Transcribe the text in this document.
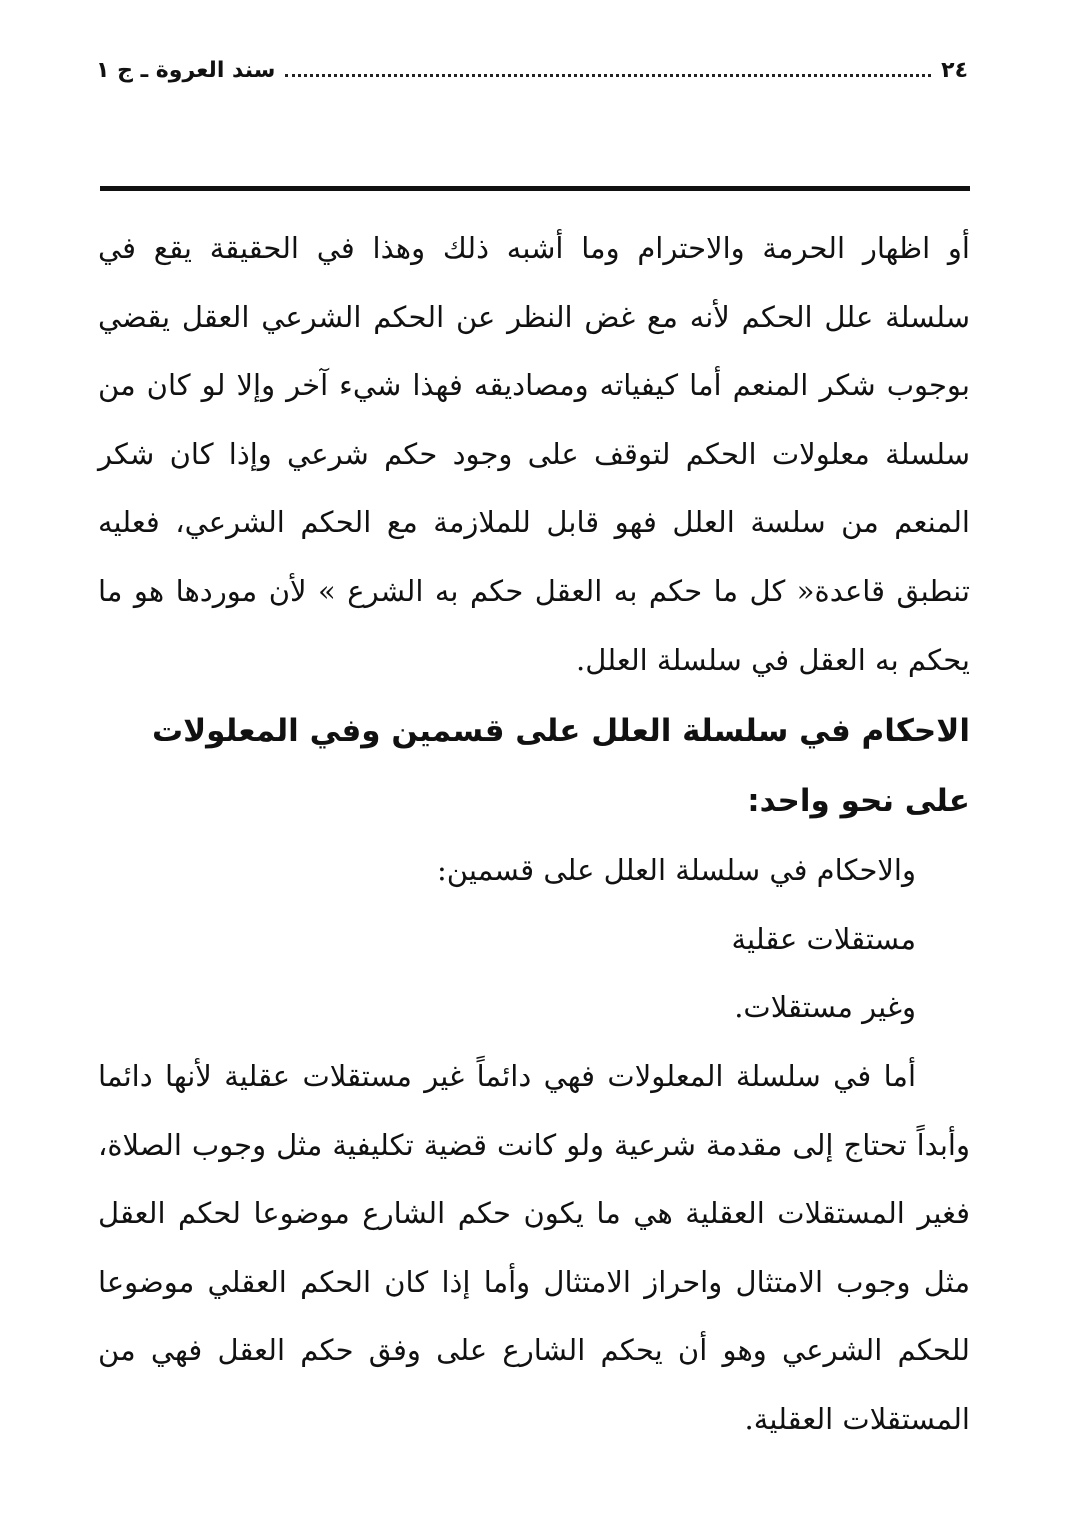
٢٤
سند العروة ـ ج ١

أو اظهار الحرمة والاحترام وما أشبه ذلك وهذا في الحقيقة يقع في سلسلة علل الحكم لأنه مع غض النظر عن الحكم الشرعي العقل يقضي بوجوب شكر المنعم أما كيفياته ومصاديقه فهذا شيء آخر وإلا لو كان من سلسلة معلولات الحكم لتوقف على وجود حكم شرعي وإذا كان شكر المنعم من سلسة العلل فهو قابل للملازمة مع الحكم الشرعي، فعليه تنطبق قاعدة« كل ما حكم به العقل حكم به الشرع » لأن موردها هو ما يحكم به العقل في سلسلة العلل.

الاحكام في سلسلة العلل على قسمين وفي المعلولات على نحو واحد:

والاحكام في سلسلة العلل على قسمين:

مستقلات عقلية

وغير مستقلات.

أما في سلسلة المعلولات فهي دائماً غير مستقلات عقلية لأنها دائما وأبداً تحتاج إلى مقدمة شرعية ولو كانت قضية تكليفية مثل وجوب الصلاة، فغير المستقلات العقلية هي ما يكون حكم الشارع موضوعا لحكم العقل مثل وجوب الامتثال واحراز الامتثال وأما إذا كان الحكم العقلي موضوعا للحكم الشرعي وهو أن يحكم الشارع على وفق حكم العقل فهي من المستقلات العقلية.
